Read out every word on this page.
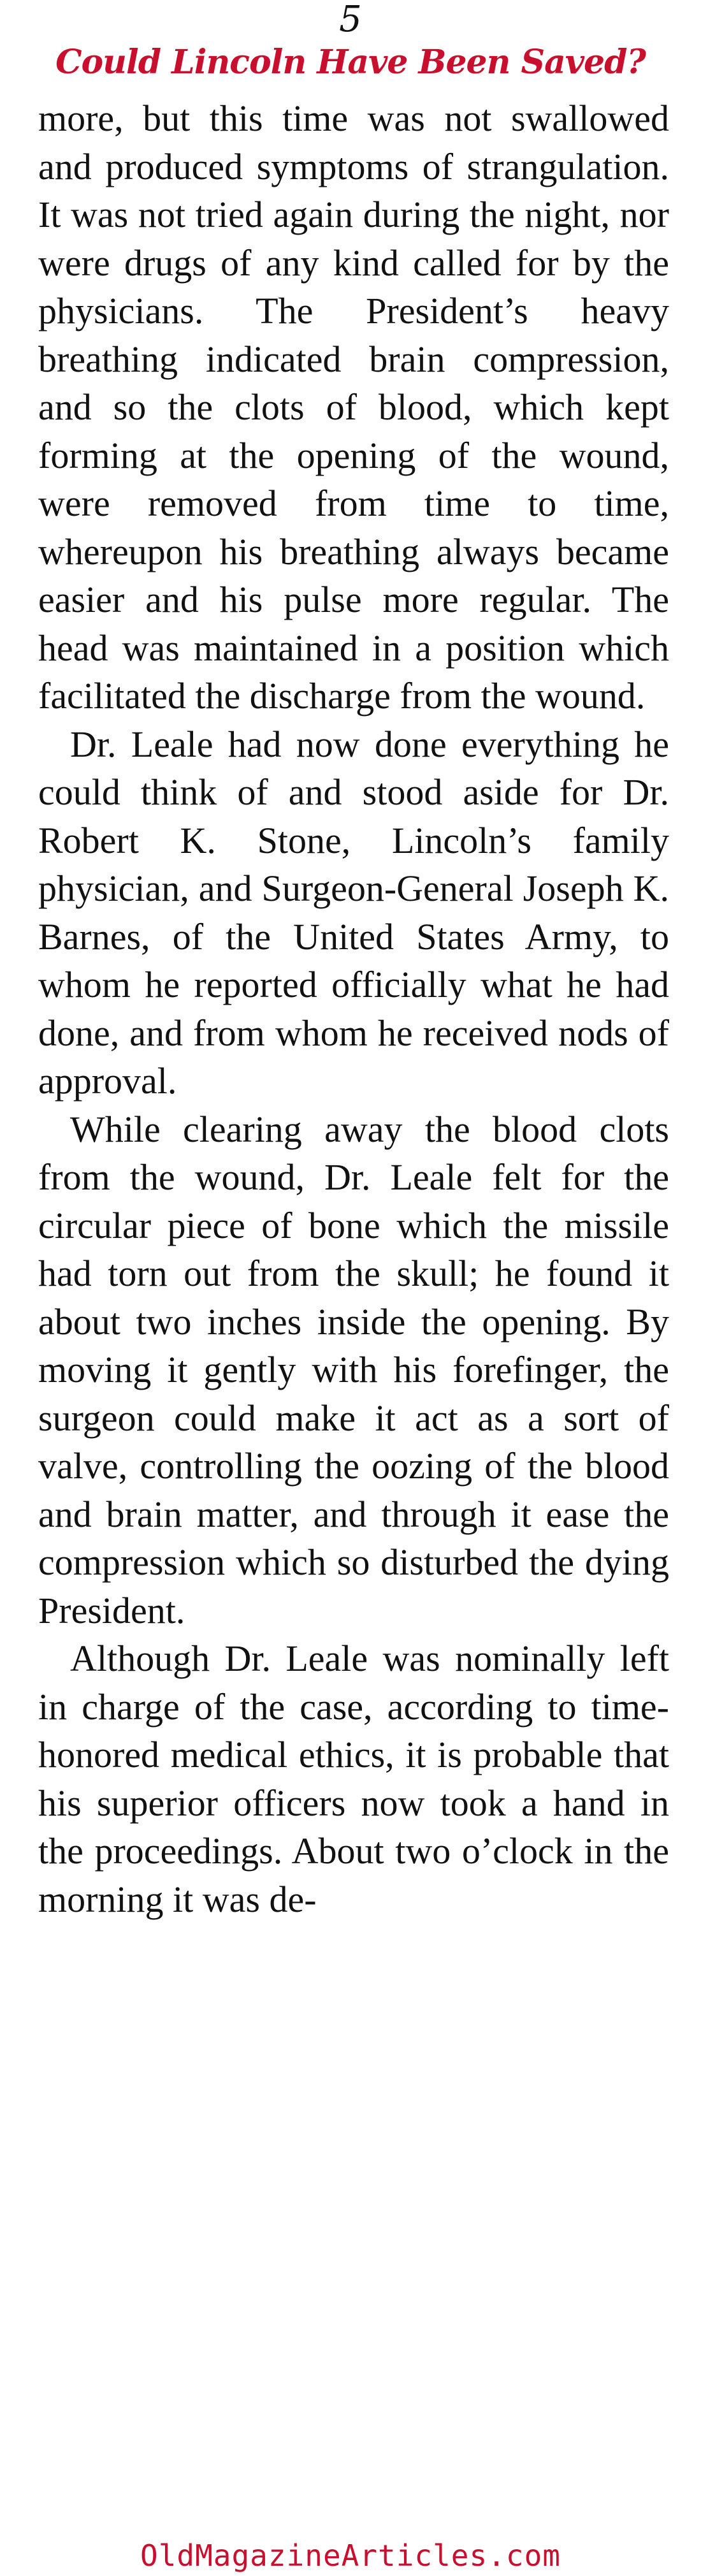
5
Could Lincoln Have Been Saved?

more, but this time was not swallowed and produced symptoms of strangulation. It was not tried again during the night, nor were drugs of any kind called for by the physicians. The President’s heavy breathing indicated brain compression, and so the clots of blood, which kept forming at the opening of the wound, were removed from time to time, whereupon his breathing always became easier and his pulse more regular. The head was maintained in a position which facilitated the discharge from the wound.

Dr. Leale had now done everything he could think of and stood aside for Dr. Robert K. Stone, Lincoln’s family physician, and Surgeon-General Joseph K. Barnes, of the United States Army, to whom he reported officially what he had done, and from whom he received nods of approval.

While clearing away the blood clots from the wound, Dr. Leale felt for the circular piece of bone which the missile had torn out from the skull; he found it about two inches inside the opening. By moving it gently with his forefinger, the surgeon could make it act as a sort of valve, controlling the oozing of the blood and brain matter, and through it ease the compression which so disturbed the dying President.

Although Dr. Leale was nominally left in charge of the case, according to time-honored medical ethics, it is probable that his superior officers now took a hand in the proceedings. About two o’clock in the morning it was de-

OldMagazineArticles.com
